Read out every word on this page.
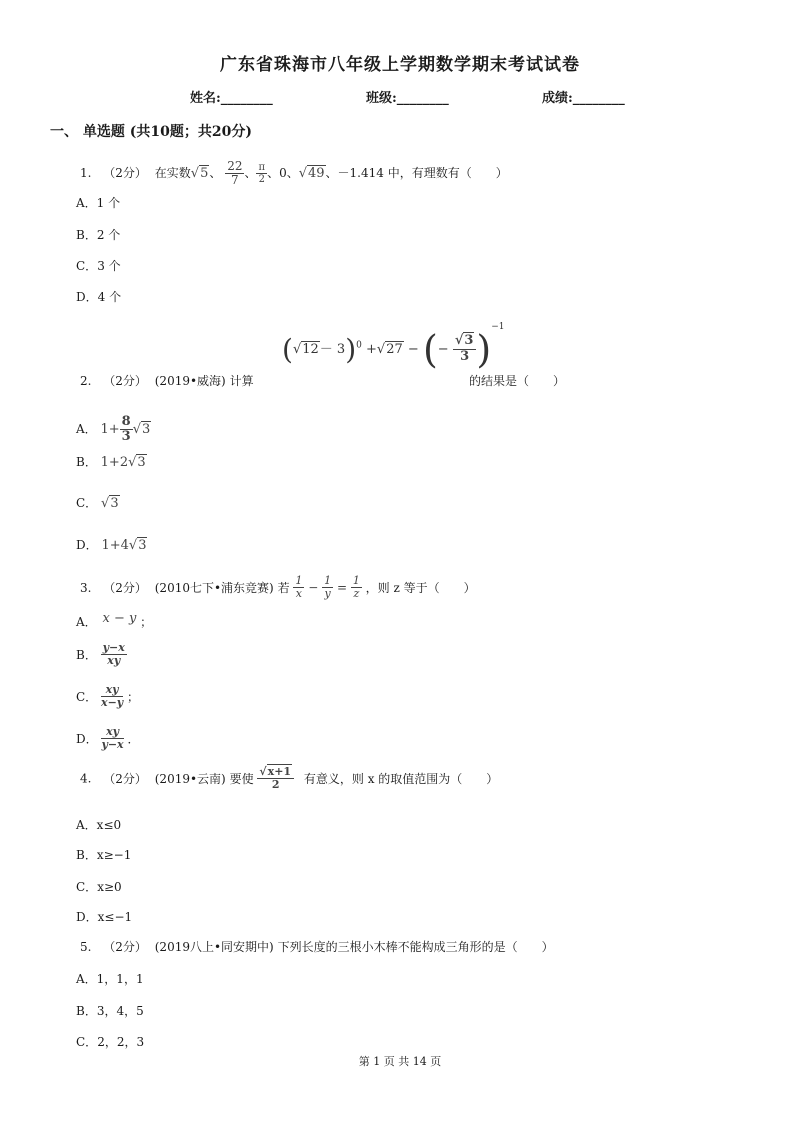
广东省珠海市八年级上学期数学期末考试试卷
姓名:________	班级:________	成绩:________
一、 单选题 (共10题；共20分)
1. （2分） 在实数√5、 $\frac{22}{7}$ 、 $\frac{\pi}{2}$ 、0、√49、－1.414 中，有理数有（　　）
A．1 个
B．2 个
C．3 个
D．4 个
$(√12- 3)^0 +√27$ − (− $\frac{√3}{3} )^{-1}$
2. （2分） (2019•威海) 计算	的结果是（　　）
A． $1+ \frac{8}{3} √3$
B． 1+2√3
C． √3
D． 1+4√3
3. （2分） (2010七下•浦东竞赛) 若 $\frac{1}{x} - \frac{1}{y} = \frac{1}{z}$ ，则 z 等于（　　）
A． x − y ；
B． $\frac{y-x}{xy}$
C． $\frac{xy}{x-y}$ ；
D． $\frac{xy}{y-x}$ ．
4. （2分） (2019•云南) 要使 $\frac{√x+1}{2}$ 有意义，则 x 的取值范围为（　　）
A．x≤0
B．x≥−1
C．x≥0
D．x≤−1
5. （2分） (2019八上•同安期中) 下列长度的三根小木棒不能构成三角形的是（　　）
A．1，1，1
B．3，4，5
C．2，2，3
第 1 页 共 14 页
